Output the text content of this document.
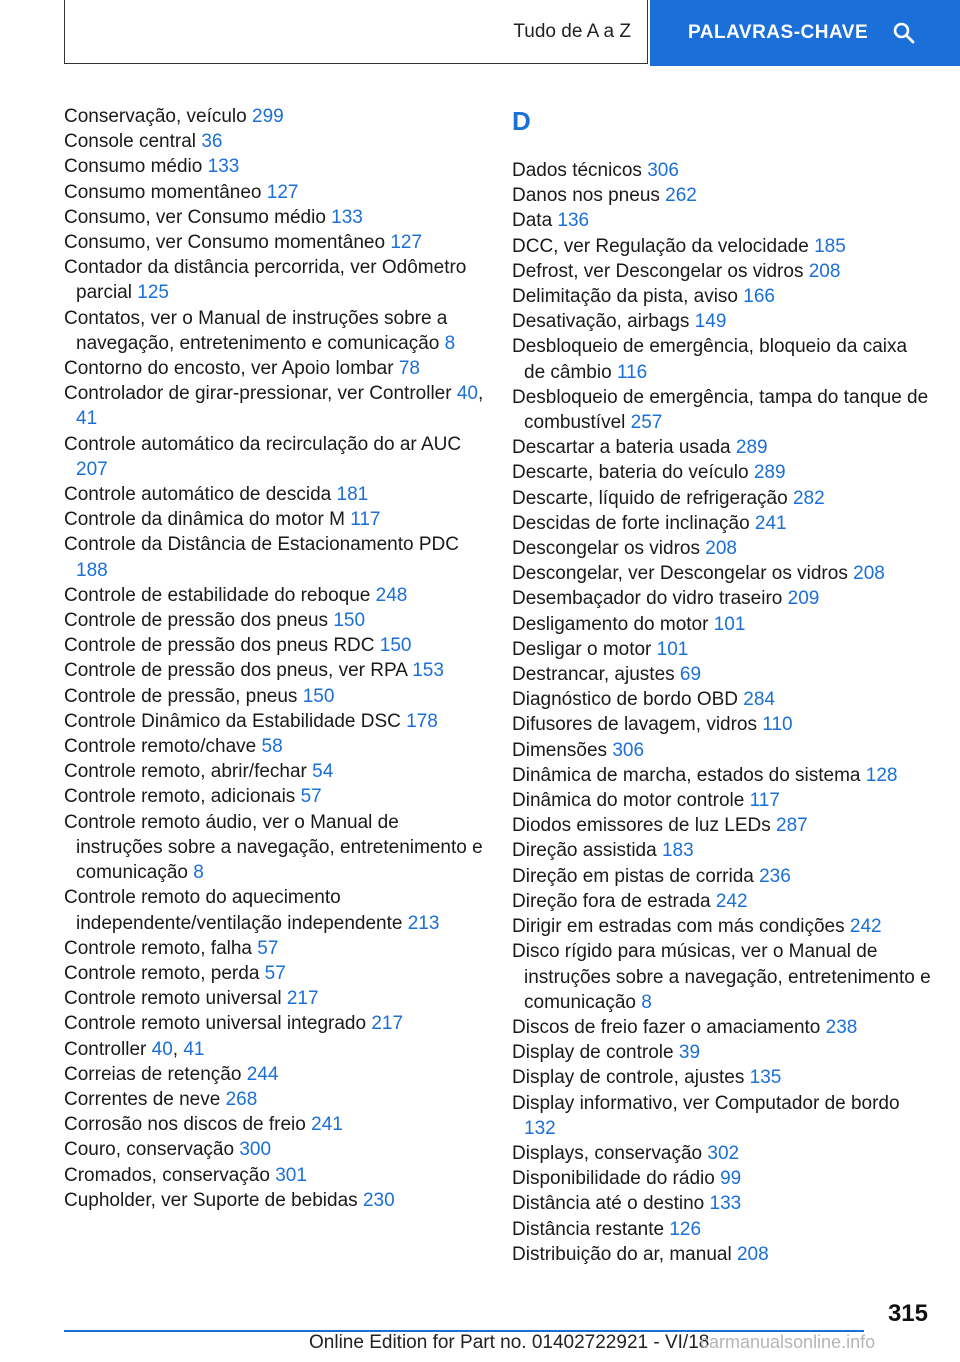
Tudo de A a Z	PALAVRAS-CHAVE
Conservação, veículo 299
Console central 36
Consumo médio 133
Consumo momentâneo 127
Consumo, ver Consumo médio 133
Consumo, ver Consumo momentâneo 127
Contador da distância percorrida, ver Odômetro parcial 125
Contatos, ver o Manual de instruções sobre a navegação, entretenimento e comunicação 8
Contorno do encosto, ver Apoio lombar 78
Controlador de girar-pressionar, ver Controller 40, 41
Controle automático da recirculação do ar AUC 207
Controle automático de descida 181
Controle da dinâmica do motor M 117
Controle da Distância de Estacionamento PDC 188
Controle de estabilidade do reboque 248
Controle de pressão dos pneus 150
Controle de pressão dos pneus RDC 150
Controle de pressão dos pneus, ver RPA 153
Controle de pressão, pneus 150
Controle Dinâmico da Estabilidade DSC 178
Controle remoto/chave 58
Controle remoto, abrir/fechar 54
Controle remoto, adicionais 57
Controle remoto áudio, ver o Manual de instruções sobre a navegação, entretenimento e comunicação 8
Controle remoto do aquecimento independente/ventilação independente 213
Controle remoto, falha 57
Controle remoto, perda 57
Controle remoto universal 217
Controle remoto universal integrado 217
Controller 40, 41
Correias de retenção 244
Correntes de neve 268
Corrosão nos discos de freio 241
Couro, conservação 300
Cromados, conservação 301
Cupholder, ver Suporte de bebidas 230
D
Dados técnicos 306
Danos nos pneus 262
Data 136
DCC, ver Regulação da velocidade 185
Defrost, ver Descongelar os vidros 208
Delimitação da pista, aviso 166
Desativação, airbags 149
Desbloqueio de emergência, bloqueio da caixa de câmbio 116
Desbloqueio de emergência, tampa do tanque de combustível 257
Descartar a bateria usada 289
Descarte, bateria do veículo 289
Descarte, líquido de refrigeração 282
Descidas de forte inclinação 241
Descongelar os vidros 208
Descongelar, ver Descongelar os vidros 208
Desembaçador do vidro traseiro 209
Desligamento do motor 101
Desligar o motor 101
Destrancar, ajustes 69
Diagnóstico de bordo OBD 284
Difusores de lavagem, vidros 110
Dimensões 306
Dinâmica de marcha, estados do sistema 128
Dinâmica do motor controle 117
Diodos emissores de luz LEDs 287
Direção assistida 183
Direção em pistas de corrida 236
Direção fora de estrada 242
Dirigir em estradas com más condições 242
Disco rígido para músicas, ver o Manual de instruções sobre a navegação, entretenimento e comunicação 8
Discos de freio fazer o amaciamento 238
Display de controle 39
Display de controle, ajustes 135
Display informativo, ver Computador de bordo 132
Displays, conservação 302
Disponibilidade do rádio 99
Distância até o destino 133
Distância restante 126
Distribuição do ar, manual 208
315
Online Edition for Part no. 01402722921 - VI/18
carmanualsonline.info
